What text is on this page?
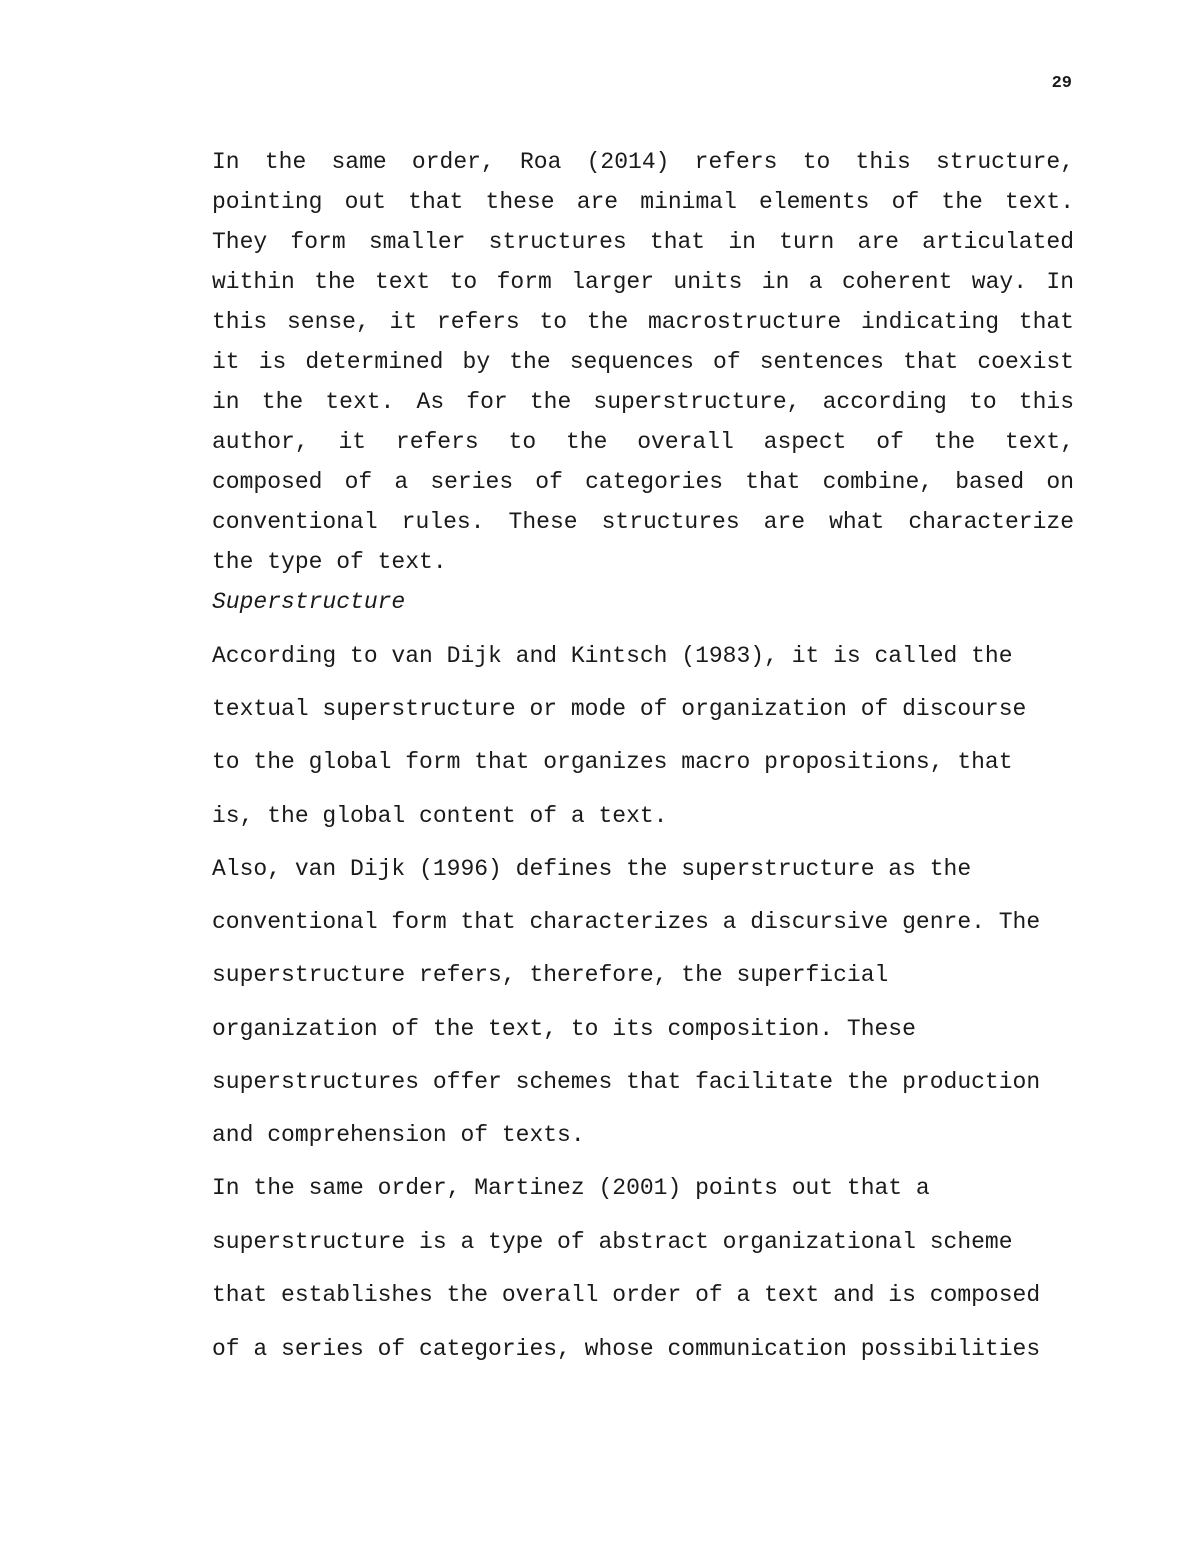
29
In the same order, Roa (2014) refers to this structure,
pointing out that these are minimal elements of the text.
They form smaller structures that in turn are articulated
within the text to form larger units in a coherent way. In
this sense, it refers to the macrostructure indicating that
it is determined by the sequences of sentences that coexist
in the text. As for the superstructure, according to this
author, it refers to the overall aspect of the text,
composed of a series of categories that combine, based on
conventional rules. These structures are what characterize
the type of text.
Superstructure
According to van Dijk and Kintsch (1983), it is called the
textual superstructure or mode of organization of discourse
to the global form that organizes macro propositions, that
is, the global content of a text.
Also, van Dijk (1996) defines the superstructure as the
conventional form that characterizes a discursive genre. The
superstructure refers, therefore, the superficial
organization of the text, to its composition. These
superstructures offer schemes that facilitate the production
and comprehension of texts.
In the same order, Martinez (2001) points out that a
superstructure is a type of abstract organizational scheme
that establishes the overall order of a text and is composed
of a series of categories, whose communication possibilities
